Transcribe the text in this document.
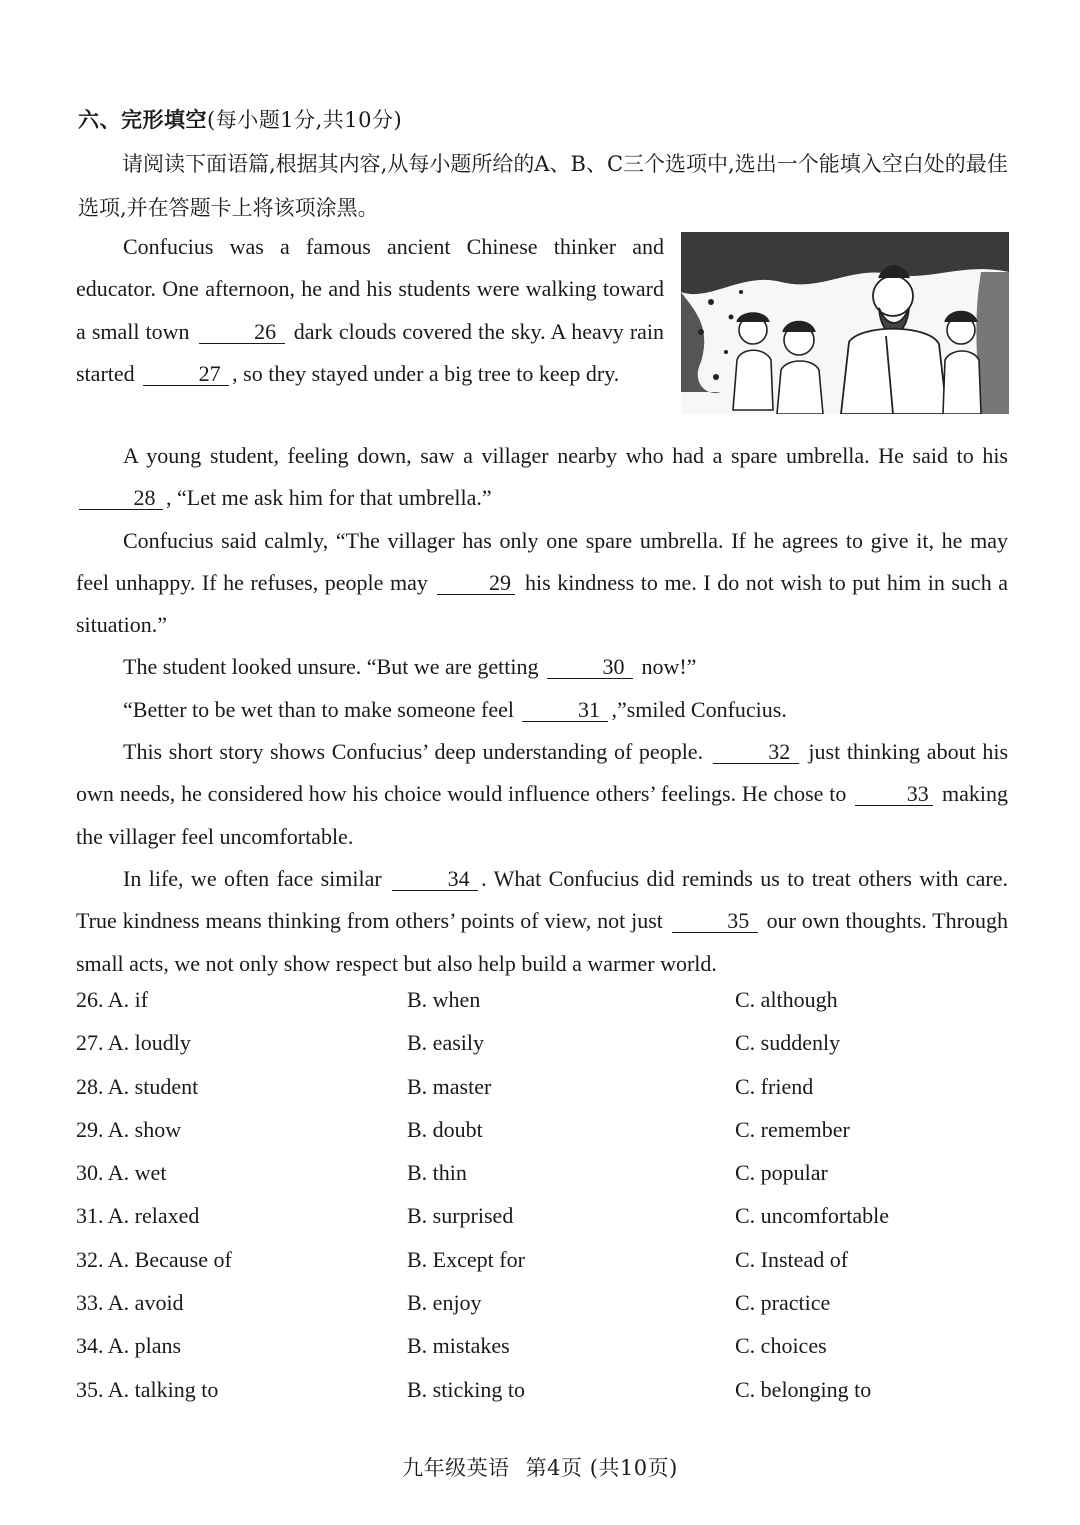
六、完形填空(每小题1分,共10分)
请阅读下面语篇,根据其内容,从每小题所给的A、B、C三个选项中,选出一个能填入空白处的最佳选项,并在答题卡上将该项涂黑。

Confucius was a famous ancient Chinese thinker and educator. One afternoon, he and his students were walking toward a small town	26 dark clouds covered the sky. A heavy rain started	27 , so they stayed under a big tree to keep dry.

A young student, feeling down, saw a villager nearby who had a spare umbrella. He said to his 28 , “Let me ask him for that umbrella.”

Confucius said calmly, “The villager has only one spare umbrella. If he agrees to give it, he may feel unhappy. If he refuses, people may	29 his kindness to me. I do not wish to put him in such a situation.”

The student looked unsure. “But we are getting	30 now!”

“Better to be wet than to make someone feel	31 ,”smiled Confucius.

This short story shows Confucius’ deep understanding of people.	32 just thinking about his own needs, he considered how his choice would influence others’ feelings. He chose to	33 making the villager feel uncomfortable.

In life, we often face similar	34 . What Confucius did reminds us to treat others with care. True kindness means thinking from others’ points of view, not just	35 our own thoughts. Through small acts, we not only show respect but also help build a warmer world.

26. A. if	B. when	C. although
27. A. loudly	B. easily	C. suddenly
28. A. student	B. master	C. friend
29. A. show	B. doubt	C. remember
30. A. wet	B. thin	C. popular
31. A. relaxed	B. surprised	C. uncomfortable
32. A. Because of	B. Except for	C. Instead of
33. A. avoid	B. enjoy	C. practice
34. A. plans	B. mistakes	C. choices
35. A. talking to	B. sticking to	C. belonging to
九年级英语 第4页 (共10页)
